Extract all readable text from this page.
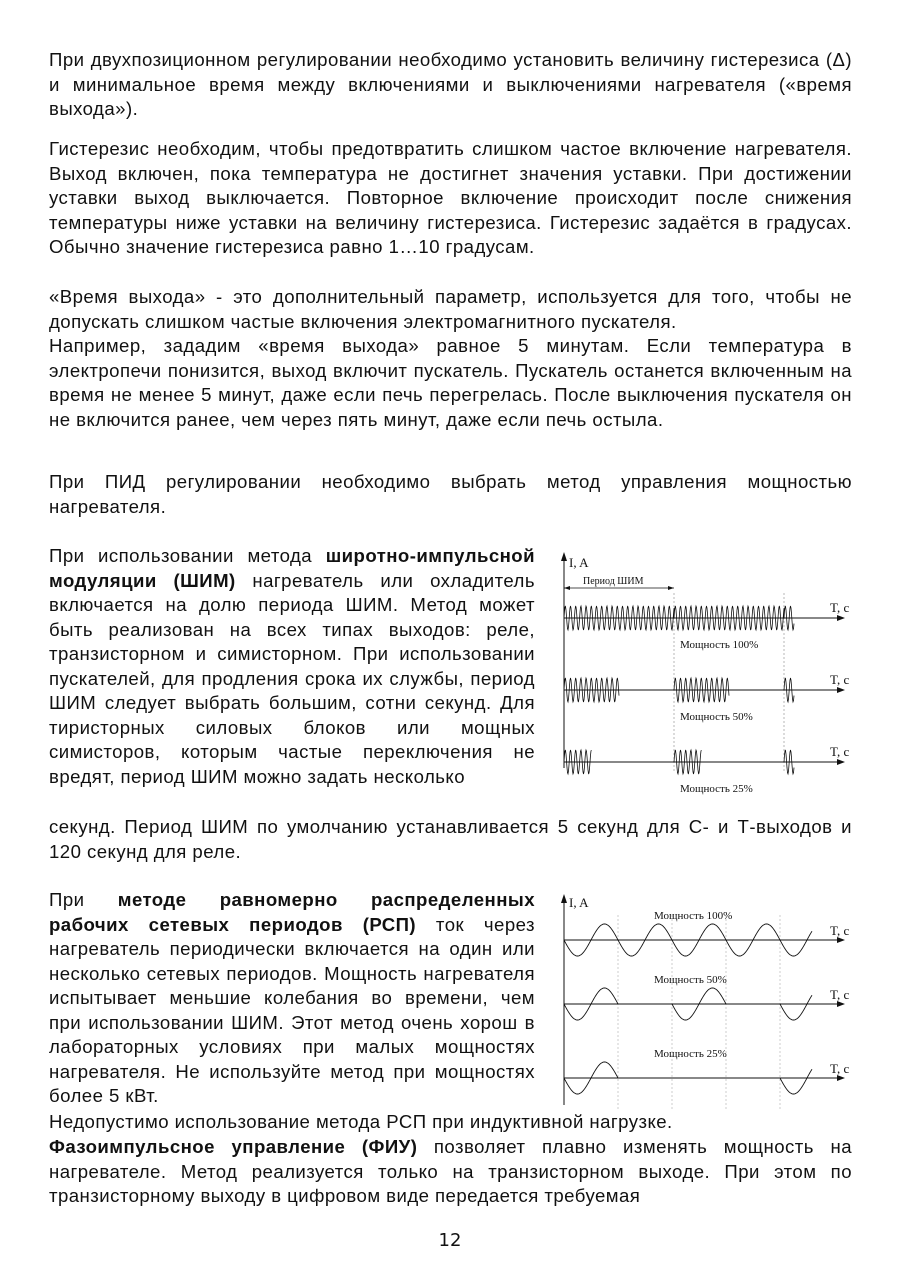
При двухпозиционном регулировании необходимо установить величину гистерезиса (Δ) и минимальное время между включениями и выключениями нагревателя («время выхода»).

Гистерезис необходим, чтобы предотвратить слишком частое включение нагревателя. Выход включен, пока температура не достигнет значения уставки. При достижении уставки выход выключается. Повторное включение происходит после снижения температуры ниже уставки на величину гистерезиса. Гистерезис задаётся в градусах. Обычно значение гистерезиса равно 1…10 градусам.

«Время выхода» - это дополнительный параметр, используется для того, чтобы не допускать слишком частые включения электромагнитного пускателя.

Например, зададим «время выхода» равное 5 минутам. Если температура в электропечи понизится, выход включит пускатель. Пускатель останется включенным на время не менее 5 минут, даже если печь перегрелась. После выключения пускателя он не включится ранее, чем через пять минут, даже если печь остыла.

При ПИД регулировании необходимо выбрать метод управления мощностью нагревателя.

При использовании метода широтно-импульсной модуляции (ШИМ) нагреватель или охладитель включается на долю периода ШИМ. Метод может быть реализован на всех типах выходов: реле, транзисторном и симисторном. При использовании пускателей, для продления срока их службы, период ШИМ следует выбрать большим, сотни секунд. Для тиристорных силовых блоков или мощных симисторов, которым частые переключения не вредят, период ШИМ можно задать несколько

секунд. Период ШИМ по умолчанию устанавливается 5 секунд для С- и Т-выходов и 120 секунд для реле.

При методе равномерно распределенных рабочих сетевых периодов (РСП) ток через нагреватель периодически включается на один или несколько сетевых периодов. Мощность нагревателя испытывает меньшие колебания во времени, чем при использовании ШИМ. Этот метод очень хорош в лабораторных условиях при малых мощностях нагревателя. Не используйте метод при мощностях более 5 кВт.

Недопустимо использование метода РСП при индуктивной нагрузке.

Фазоимпульсное управление (ФИУ) позволяет плавно изменять мощность на нагревателе. Метод реализуется только на транзисторном выходе. При этом по транзисторному выходу в цифровом виде передается требуемая

I, A
Период ШИМ
T, c
Мощность 100%
T, c
Мощность 50%
T, c
Мощность 25%
I, A
T, c
Мощность 100%
T, c
Мощность 50%
T, c
Мощность 25%
12
